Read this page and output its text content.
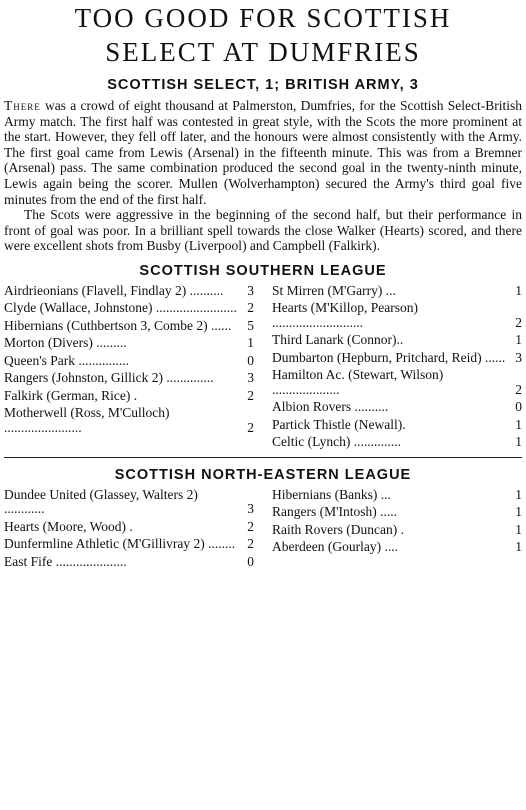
TOO GOOD FOR SCOTTISH
SELECT AT DUMFRIES
SCOTTISH SELECT, 1; BRITISH ARMY, 3

There was a crowd of eight thousand at Palmerston, Dumfries, for the Scottish Select-British Army match. The first half was contested in great style, with the Scots the more prominent at the start. However, they fell off later, and the honours were almost consistently with the Army. The first goal came from Lewis (Arsenal) in the fifteenth minute. This was from a Bremner (Arsenal) pass. The same combination produced the second goal in the twenty-ninth minute, Lewis again being the scorer. Mullen (Wolverhampton) secured the Army's third goal five minutes from the end of the first half.

The Scots were aggressive in the beginning of the second half, but their performance in front of goal was poor. In a brilliant spell towards the close Walker (Hearts) scored, and there were excellent shots from Busby (Liverpool) and Campbell (Falkirk).

SCOTTISH SOUTHERN LEAGUE
Airdrieonians (Flavell, Findlay 2) ..........	3
Clyde (Wallace, Johnstone) ........................ 2
Hibernians (Cuthbertson 3, Combe 2) ......	5
Morton (Divers) .........	1
Queen's Park ...............	0
Rangers (Johnston, Gillick 2) ..............	3
Falkirk (German, Rice) .	2
Motherwell (Ross, M'Culloch) .......................	2
St Mirren (M'Garry) ...	1
Hearts (M'Killop, Pearson) ...........................	2
Third Lanark (Connor)..	1
Dumbarton (Hepburn, Pritchard, Reid) ...... 3
Hamilton Ac. (Stewart, Wilson) ....................	2
Albion Rovers ..........	0
Partick Thistle (Newall).	1
Celtic (Lynch) ..............	1
SCOTTISH NORTH-EASTERN LEAGUE
Dundee United (Glassey, Walters 2) ............	3
Hearts (Moore, Wood) .	2
Dunfermline Athletic (M'Gillivray 2) ........ 2
East Fife .....................	0
Hibernians (Banks) ...	1
Rangers (M'Intosh) .....	1
Raith Rovers (Duncan) .	1
Aberdeen (Gourlay) ....	1
